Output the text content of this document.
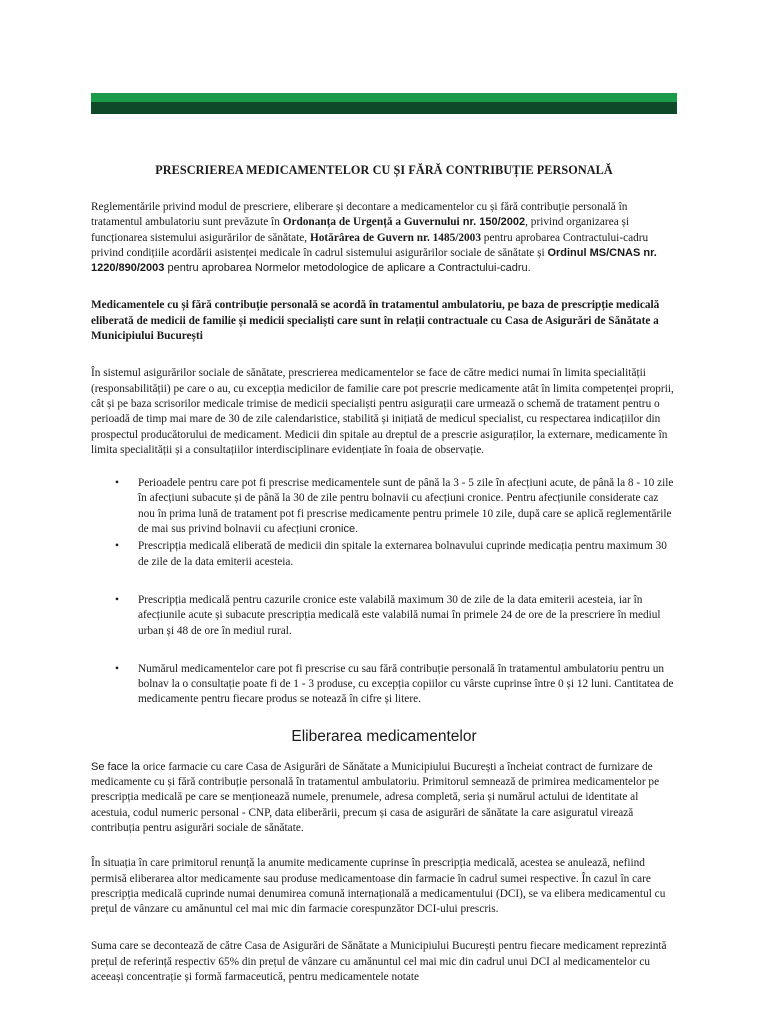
PRESCRIEREA MEDICAMENTELOR CU ȘI FĂRĂ CONTRIBUȚIE PERSONALĂ

Reglementările privind modul de prescriere, eliberare și decontare a medicamentelor cu și fără contribuție personală în tratamentul ambulatoriu sunt prevăzute în Ordonanța de Urgență a Guvernului nr. 150/2002, privind organizarea și funcționarea sistemului asigurărilor de sănătate, Hotărârea de Guvern nr. 1485/2003 pentru aprobarea Contractului-cadru privind condițiile acordării asistenței medicale în cadrul sistemului asigurărilor sociale de sănătate și Ordinul MS/CNAS nr. 1220/890/2003 pentru aprobarea Normelor metodologice de aplicare a Contractului-cadru.

Medicamentele cu și fără contribuție personală se acordă în tratamentul ambulatoriu, pe baza de prescripție medicală eliberată de medicii de familie și medicii specialiști care sunt în relații contractuale cu Casa de Asigurări de Sănătate a Municipiului București

În sistemul asigurărilor sociale de sănătate, prescrierea medicamentelor se face de către medici numai în limita specialității (responsabilității) pe care o au, cu excepția medicilor de familie care pot prescrie medicamente atât în limita competenței proprii, cât și pe baza scrisorilor medicale trimise de medicii specialiști pentru asigurații care urmează o schemă de tratament pentru o perioadă de timp mai mare de 30 de zile calendaristice, stabilită și inițiată de medicul specialist, cu respectarea indicațiilor din prospectul producătorului de medicament. Medicii din spitale au dreptul de a prescrie asiguraților, la externare, medicamente în limita specialității și a consultațiilor interdisciplinare evidențiate în foaia de observație.

• Perioadele pentru care pot fi prescrise medicamentele sunt de până la 3 - 5 zile în afecțiuni acute, de până la 8 - 10 zile în afecțiuni subacute și de până la 30 de zile pentru bolnavii cu afecțiuni cronice. Pentru afecțiunile considerate caz nou în prima lună de tratament pot fi prescrise medicamente pentru primele 10 zile, după care se aplică reglementările de mai sus privind bolnavii cu afecțiuni cronice.
• Prescripția medicală eliberată de medicii din spitale la externarea bolnavului cuprinde medicația pentru maximum 30 de zile de la data emiterii acesteia.
• Prescripția medicală pentru cazurile cronice este valabilă maximum 30 de zile de la data emiterii acesteia, iar în afecțiunile acute și subacute prescripția medicală este valabilă numai în primele 24 de ore de la prescriere în mediul urban și 48 de ore în mediul rural.
• Numărul medicamentelor care pot fi prescrise cu sau fără contribuție personală în tratamentul ambulatoriu pentru un bolnav la o consultație poate fi de 1 - 3 produse, cu excepția copiilor cu vârste cuprinse între 0 și 12 luni. Cantitatea de medicamente pentru fiecare produs se notează în cifre și litere.
Eliberarea medicamentelor

Se face la orice farmacie cu care Casa de Asigurări de Sănătate a Municipiului București a încheiat contract de furnizare de medicamente cu și fără contribuție personală în tratamentul ambulatoriu. Primitorul semnează de primirea medicamentelor pe prescripția medicală pe care se menționează numele, prenumele, adresa completă, seria și numărul actului de identitate al acestuia, codul numeric personal - CNP, data eliberării, precum și casa de asigurări de sănătate la care asiguratul virează contribuția pentru asigurări sociale de sănătate.

În situația în care primitorul renunță la anumite medicamente cuprinse în prescripția medicală, acestea se anulează, nefiind permisă eliberarea altor medicamente sau produse medicamentoase din farmacie în cadrul sumei respective. În cazul în care prescripția medicală cuprinde numai denumirea comună internațională a medicamentului (DCI), se va elibera medicamentul cu prețul de vânzare cu amănuntul cel mai mic din farmacie corespunzător DCI-ului prescris.

Suma care se decontează de către Casa de Asigurări de Sănătate a Municipiului București pentru fiecare medicament reprezintă prețul de referință respectiv 65% din prețul de vânzare cu amănuntul cel mai mic din cadrul unui DCI al medicamentelor cu aceeași concentrație și formă farmaceutică, pentru medicamentele notate
